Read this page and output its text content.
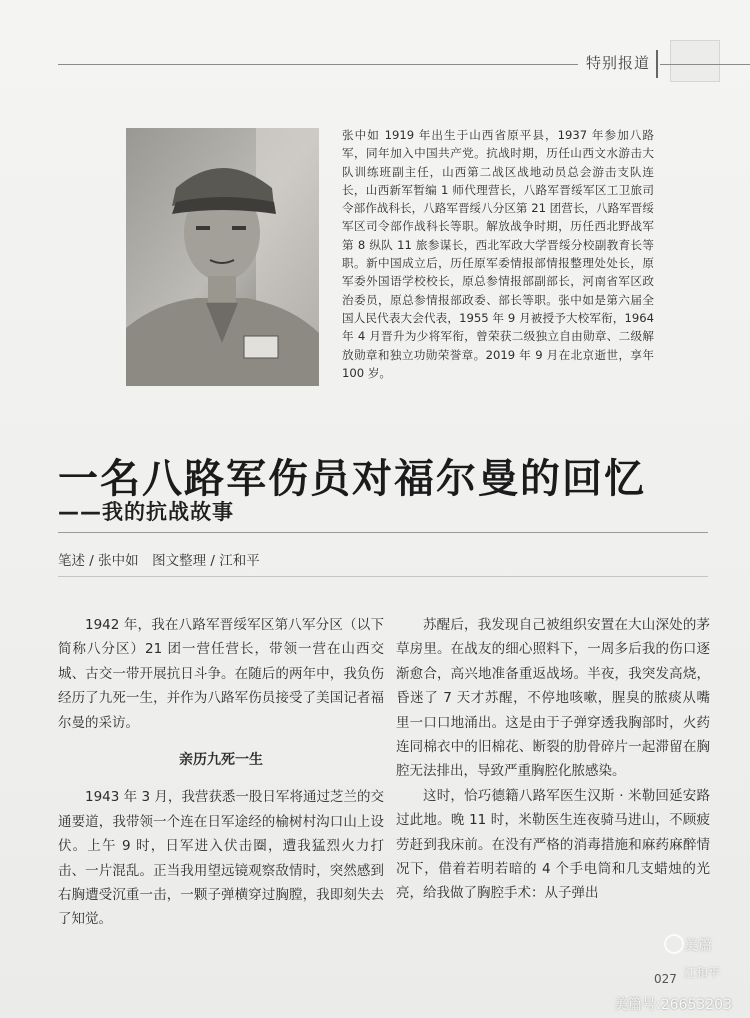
特别报道
张中如 1919 年出生于山西省原平县，1937 年参加八路军，同年加入中国共产党。抗战时期，历任山西文水游击大队训练班副主任，山西第二战区战地动员总会游击支队连长，山西新军暂编 1 师代理营长，八路军晋绥军区工卫旅司令部作战科长，八路军晋绥八分区第 21 团营长，八路军晋绥军区司令部作战科长等职。解放战争时期，历任西北野战军第 8 纵队 11 旅参谋长，西北军政大学晋绥分校副教育长等职。新中国成立后，历任原军委情报部情报整理处处长，原军委外国语学校校长，原总参情报部副部长，河南省军区政治委员，原总参情报部政委、部长等职。张中如是第六届全国人民代表大会代表，1955 年 9 月被授予大校军衔，1964 年 4 月晋升为少将军衔，曾荣获二级独立自由勋章、二级解放勋章和独立功勋荣誉章。2019 年 9 月在北京逝世，享年 100 岁。
一名八路军伤员对福尔曼的回忆
——我的抗战故事
笔述 / 张中如　图文整理 / 江和平

1942 年，我在八路军晋绥军区第八军分区（以下简称八分区）21 团一营任营长，带领一营在山西交城、古交一带开展抗日斗争。在随后的两年中，我负伤经历了九死一生，并作为八路军伤员接受了美国记者福尔曼的采访。

亲历九死一生

1943 年 3 月，我营获悉一股日军将通过芝兰的交通要道，我带领一个连在日军途经的榆树村沟口山上设伏。上午 9 时，日军进入伏击圈，遭我猛烈火力打击、一片混乱。正当我用望远镜观察敌情时，突然感到右胸遭受沉重一击，一颗子弹横穿过胸膛，我即刻失去了知觉。

苏醒后，我发现自己被组织安置在大山深处的茅草房里。在战友的细心照料下，一周多后我的伤口逐渐愈合，高兴地准备重返战场。半夜，我突发高烧，昏迷了 7 天才苏醒，不停地咳嗽，腥臭的脓痰从嘴里一口口地涌出。这是由于子弹穿透我胸部时，火药连同棉衣中的旧棉花、断裂的肋骨碎片一起滞留在胸腔无法排出，导致严重胸腔化脓感染。

这时，恰巧德籍八路军医生汉斯 · 米勒回延安路过此地。晚 11 时，米勒医生连夜骑马进山，不顾疲劳赶到我床前。在没有严格的消毒措施和麻药麻醉情况下，借着若明若暗的 4 个手电筒和几支蜡烛的光亮，给我做了胸腔手术：从子弹出

027
美篇
江和平
美篇号:26653203
